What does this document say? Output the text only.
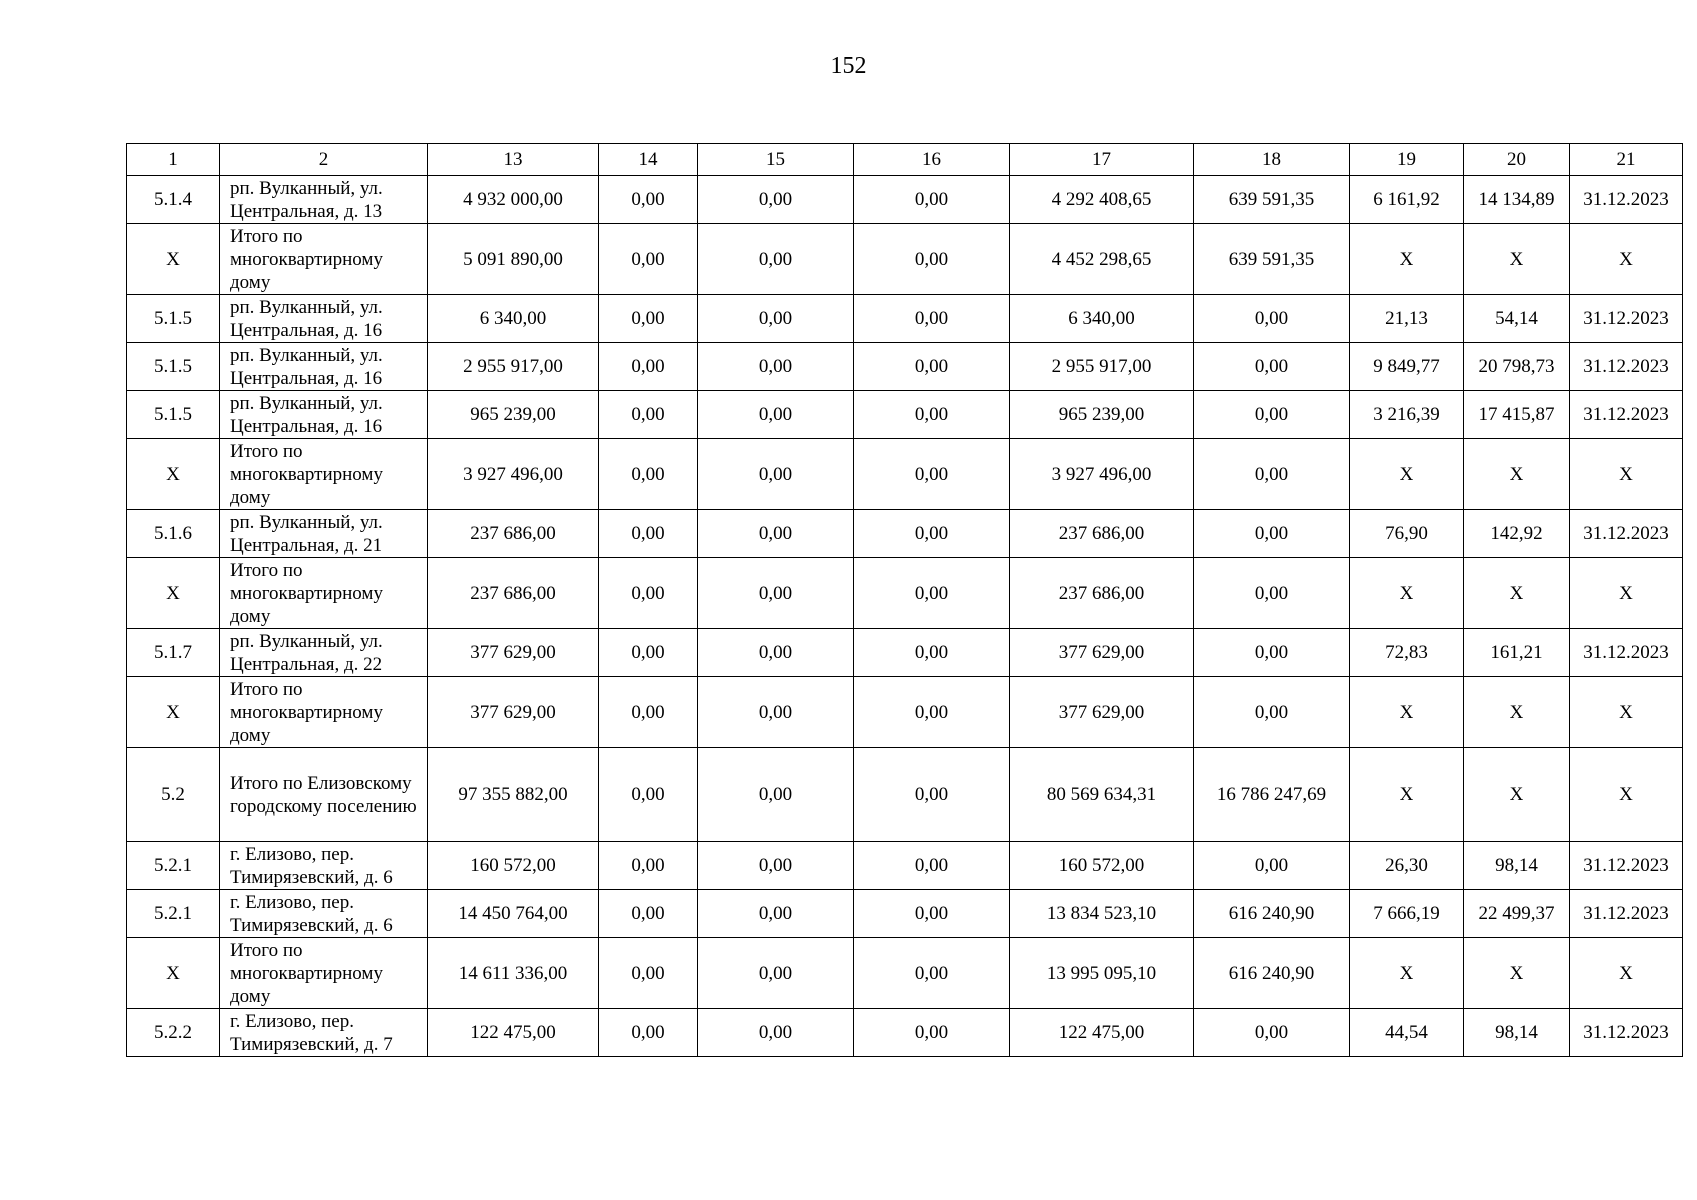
152
1	2	13	14	15	16	17	18	19	20	21
5.1.4	рп. Вулканный, ул. Центральная, д. 13	4 932 000,00	0,00	0,00	0,00	4 292 408,65	639 591,35	6 161,92	14 134,89	31.12.2023
Х	Итого по многоквартирному дому	5 091 890,00	0,00	0,00	0,00	4 452 298,65	639 591,35	Х	Х	Х
5.1.5	рп. Вулканный, ул. Центральная, д. 16	6 340,00	0,00	0,00	0,00	6 340,00	0,00	21,13	54,14	31.12.2023
5.1.5	рп. Вулканный, ул. Центральная, д. 16	2 955 917,00	0,00	0,00	0,00	2 955 917,00	0,00	9 849,77	20 798,73	31.12.2023
5.1.5	рп. Вулканный, ул. Центральная, д. 16	965 239,00	0,00	0,00	0,00	965 239,00	0,00	3 216,39	17 415,87	31.12.2023
Х	Итого по многоквартирному дому	3 927 496,00	0,00	0,00	0,00	3 927 496,00	0,00	Х	Х	Х
5.1.6	рп. Вулканный, ул. Центральная, д. 21	237 686,00	0,00	0,00	0,00	237 686,00	0,00	76,90	142,92	31.12.2023
Х	Итого по многоквартирному дому	237 686,00	0,00	0,00	0,00	237 686,00	0,00	Х	Х	Х
5.1.7	рп. Вулканный, ул. Центральная, д. 22	377 629,00	0,00	0,00	0,00	377 629,00	0,00	72,83	161,21	31.12.2023
Х	Итого по многоквартирному дому	377 629,00	0,00	0,00	0,00	377 629,00	0,00	Х	Х	Х
5.2	Итого по Елизовскому городскому поселению	97 355 882,00	0,00	0,00	0,00	80 569 634,31	16 786 247,69	Х	Х	Х
5.2.1	г. Елизово, пер. Тимирязевский, д. 6	160 572,00	0,00	0,00	0,00	160 572,00	0,00	26,30	98,14	31.12.2023
5.2.1	г. Елизово, пер. Тимирязевский, д. 6	14 450 764,00	0,00	0,00	0,00	13 834 523,10	616 240,90	7 666,19	22 499,37	31.12.2023
Х	Итого по многоквартирному дому	14 611 336,00	0,00	0,00	0,00	13 995 095,10	616 240,90	Х	Х	Х
5.2.2	г. Елизово, пер. Тимирязевский, д. 7	122 475,00	0,00	0,00	0,00	122 475,00	0,00	44,54	98,14	31.12.2023
